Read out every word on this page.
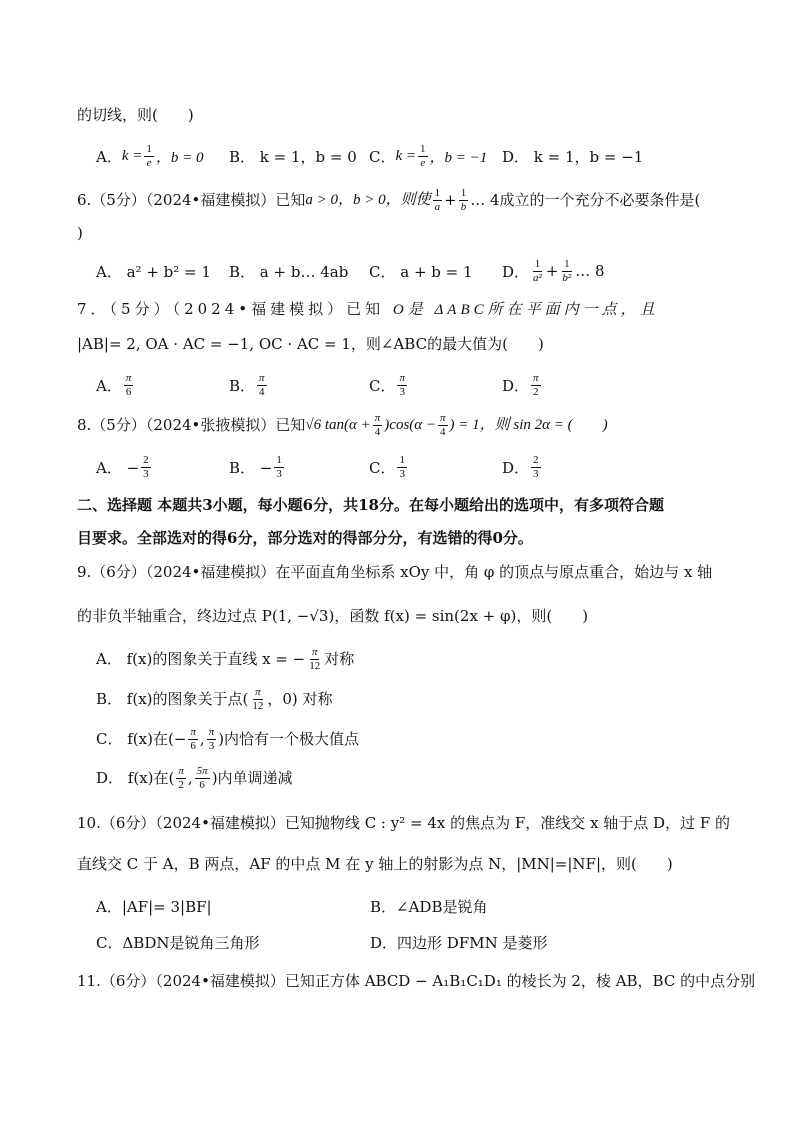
的切线，则(　　)
A． $k = \frac{1}{e}$ ，b = 0 B． k = 1，b = 0 C． $k = \frac{1}{e}$ ，b = −1 D． k = 1，b = −1
6.（5分）（2024•福建模拟）已知 a > 0，b > 0，则使 $\frac{1}{a} + \frac{1}{b}$ … 4成立的一个充分不必要条件是(
)
A． a² + b² = 1 B． a + b… 4ab C． a + b = 1 D． $\frac{1}{\text{a²}} + \frac{1}{\text{b²}}$ … 8
7．（5分）（2024•福建模拟）已知 O是 ΔABC所在平面内一点，且
|AB|= 2, OA · AC = −1, OC · AC = 1，则∠ABC的最大值为(　　)
A． $\frac{\pi}{6}$	B． $\frac{\pi}{4}$	C． $\frac{\pi}{3}$	D． $\frac{\pi}{2}$
8.（5分）（2024•张掖模拟）已知 √6 $\tan(\alpha + \frac{\pi}{4} )\cos(\alpha - \frac{\pi}{4}$ ) = 1，则 sin 2α = (　　)
A． − $\frac{2}{3}$	B． − $\frac{1}{3}$	C． $\frac{1}{3}$	D． $\frac{2}{3}$
二、选择题 本题共3小题，每小题6分，共18分。在每小题给出的选项中，有多项符合题
目要求。全部选对的得6分，部分选对的得部分分，有选错的得0分。
9.（6分）（2024•福建模拟）在平面直角坐标系 xOy 中，角 φ 的顶点与原点重合，始边与 x 轴
的非负半轴重合，终边过点 P(1, −√3)，函数 f(x) = sin(2x + φ)，则(　　)
A． f(x)的图象关于直线 x = − $\frac{\pi}{12}$ 对称
B． f(x)的图象关于点( $\frac{\pi}{12}$ ，0) 对称
C． f(x)在(− $\frac{\pi}{6}$ , $\frac{\pi}{3}$ )内恰有一个极大值点
D． f(x)在( $\frac{\pi}{2}$ , $\frac{5\pi}{6}$ )内单调递减
10.（6分）（2024•福建模拟）已知抛物线 C : y² = 4x 的焦点为 F，准线交 x 轴于点 D，过 F 的
直线交 C 于 A，B 两点，AF 的中点 M 在 y 轴上的射影为点 N，|MN|=|NF|，则(　　)
A．|AF|= 3|BF|	B．∠ADB是锐角
C．ΔBDN是锐角三角形	D．四边形 DFMN 是菱形
11.（6分）（2024•福建模拟）已知正方体 ABCD − A₁B₁C₁D₁ 的棱长为 2，棱 AB，BC 的中点分别
